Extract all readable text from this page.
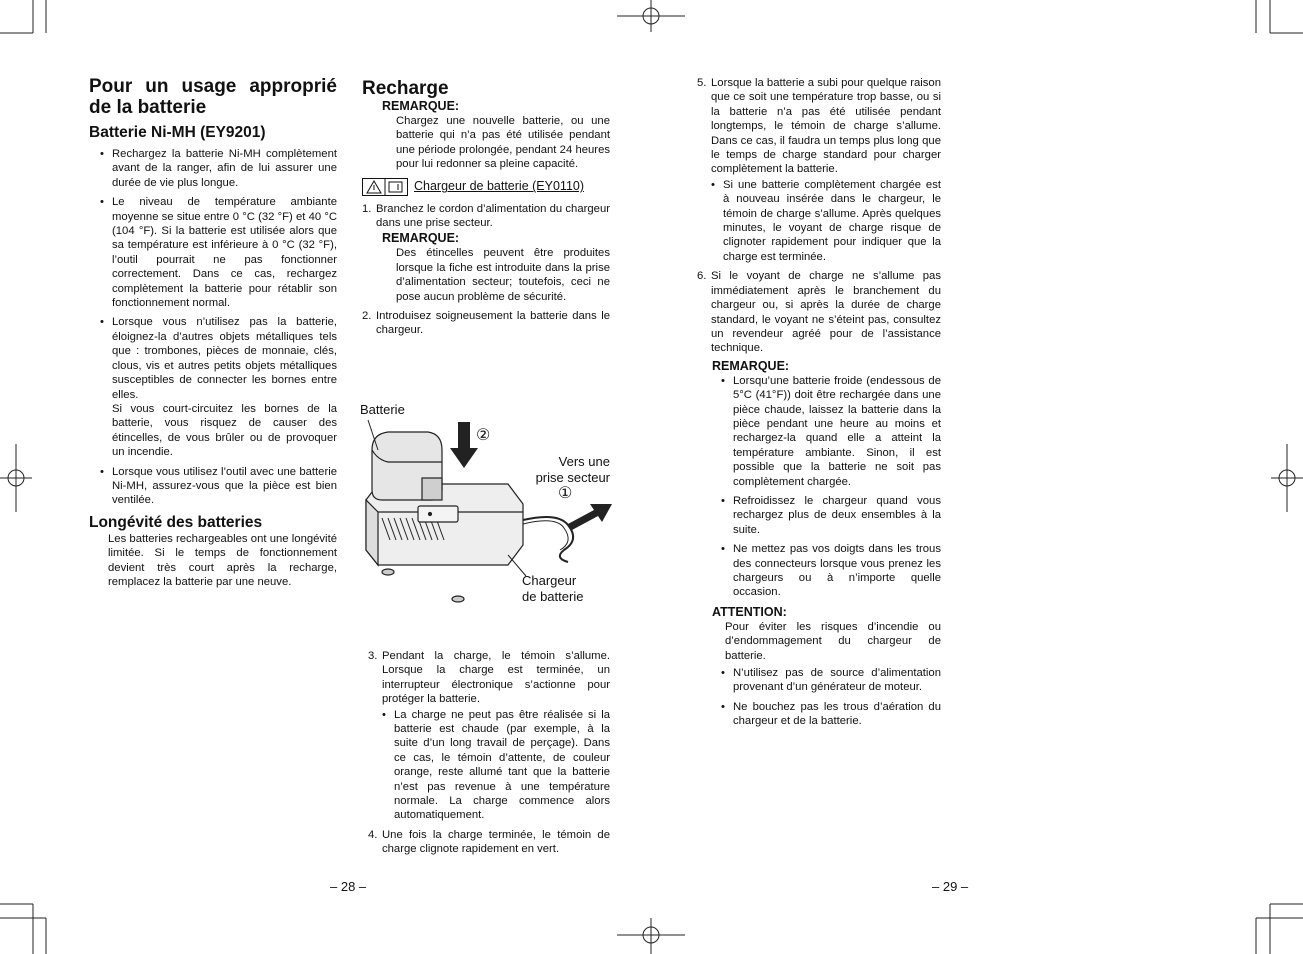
Pour un usage approprié de la batterie
Batterie Ni-MH (EY9201)
• Rechargez la batterie Ni-MH complètement avant de la ranger, afin de lui assurer une durée de vie plus longue.
• Le niveau de température ambiante moyenne se situe entre 0 °C (32 °F) et 40 °C (104 °F). Si la batterie est utilisée alors que sa température est inférieure à 0 °C (32 °F), l’outil pourrait ne pas fonctionner correctement. Dans ce cas, rechargez complètement la batterie pour rétablir son fonctionnement normal.
• Lorsque vous n’utilisez pas la batterie, éloignez-la d’autres objets métalliques tels que : trombones, pièces de monnaie, clés, clous, vis et autres petits objets métalliques susceptibles de connecter les bornes entre elles.
Si vous court-circuitez les bornes de la batterie, vous risquez de causer des étincelles, de vous brûler ou de provoquer un incendie.
• Lorsque vous utilisez l’outil avec une batterie Ni-MH, assurez-vous que la pièce est bien ventilée.
Longévité des batteries

Les batteries rechargeables ont une longévité limitée. Si le temps de fonctionnement devient très court après la recharge, remplacez la batterie par une neuve.

Recharge
REMARQUE:

Chargez une nouvelle batterie, ou une batterie qui n’a pas été utilisée pendant une période prolongée, pendant 24 heures pour lui redonner sa pleine capacité.

Chargeur de batterie (EY0110)
1. Branchez le cordon d’alimentation du chargeur dans une prise secteur.
REMARQUE:

Des étincelles peuvent être produites lorsque la fiche est introduite dans la prise d’alimentation secteur; toutefois, ceci ne pose aucun problème de sécurité.

2. Introduisez soigneusement la batterie dans le chargeur.
Batterie
②
Vers une
prise secteur
①
Chargeur
de batterie
3. Pendant la charge, le témoin s’allume. Lorsque la charge est terminée, un interrupteur électronique s’actionne pour protéger la batterie.
• La charge ne peut pas être réalisée si la batterie est chaude (par exemple, à la suite d’un long travail de perçage). Dans ce cas, le témoin d’attente, de couleur orange, reste allumé tant que la batterie n’est pas revenue à une température normale. La charge commence alors automatiquement.
4. Une fois la charge terminée, le témoin de charge clignote rapidement en vert.
– 28 –
5. Lorsque la batterie a subi pour quelque raison que ce soit une température trop basse, ou si la batterie n’a pas été utilisée pendant longtemps, le témoin de charge s’allume. Dans ce cas, il faudra un temps plus long que le temps de charge standard pour charger complètement la batterie.
• Si une batterie complètement chargée est à nouveau insérée dans le chargeur, le témoin de charge s’allume. Après quelques minutes, le voyant de charge risque de clignoter rapidement pour indiquer que la charge est terminée.
6. Si le voyant de charge ne s’allume pas immédiatement après le branchement du chargeur ou, si après la durée de charge standard, le voyant ne s’éteint pas, consultez un revendeur agréé pour de l’assistance technique.
REMARQUE:
• Lorsqu’une batterie froide (endessous de 5°C (41°F)) doit être rechargée dans une pièce chaude, laissez la batterie dans la pièce pendant une heure au moins et rechargez-la quand elle a atteint la température ambiante. Sinon, il est possible que la batterie ne soit pas complètement chargée.
• Refroidissez le chargeur quand vous rechargez plus de deux ensembles à la suite.
• Ne mettez pas vos doigts dans les trous des connecteurs lorsque vous prenez les chargeurs ou à n’importe quelle occasion.
ATTENTION:

Pour éviter les risques d’incendie ou d’endommagement du chargeur de batterie.

• N’utilisez pas de source d’alimentation provenant d’un générateur de moteur.
• Ne bouchez pas les trous d’aération du chargeur et de la batterie.
– 29 –
